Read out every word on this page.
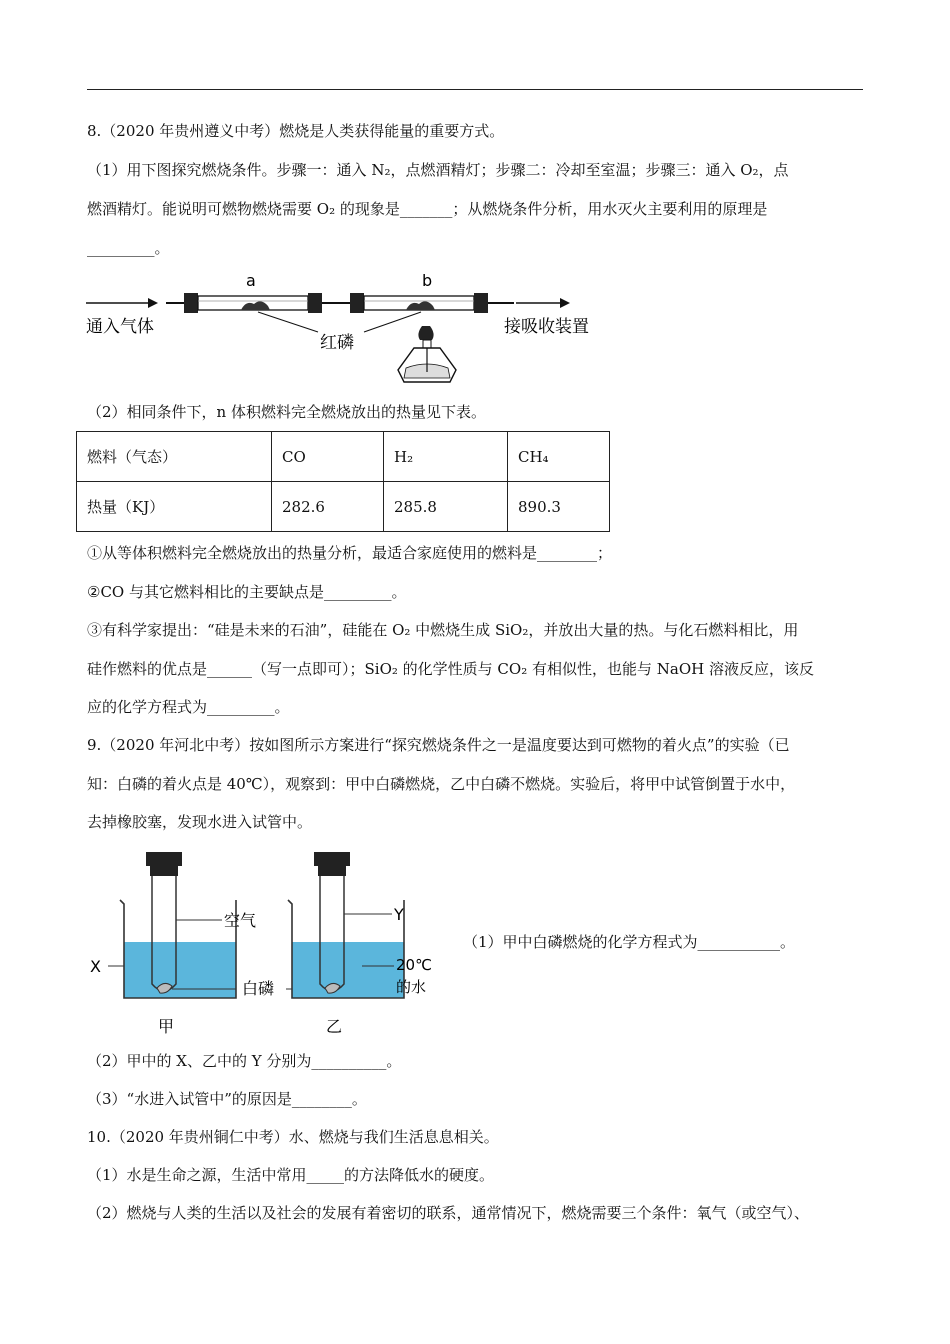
8.（2020 年贵州遵义中考）燃烧是人类获得能量的重要方式。
（1）用下图探究燃烧条件。步骤一：通入 N₂，点燃酒精灯；步骤二：冷却至室温；步骤三：通入 O₂，点
燃酒精灯。能说明可燃物燃烧需要 O₂ 的现象是_______；从燃烧条件分析，用水灭火主要利用的原理是
_________。
通入气体
a	b
接吸收装置
红磷
（2）相同条件下，n 体积燃料完全燃烧放出的热量见下表。
燃料（气态）	CO	H₂	CH₄
热量（KJ）	282.6	285.8	890.3
①从等体积燃料完全燃烧放出的热量分析，最适合家庭使用的燃料是________；
②CO 与其它燃料相比的主要缺点是_________。
③有科学家提出：“硅是未来的石油”，硅能在 O₂ 中燃烧生成 SiO₂，并放出大量的热。与化石燃料相比，用
硅作燃料的优点是______（写一点即可）；SiO₂ 的化学性质与 CO₂ 有相似性，也能与 NaOH 溶液反应，该反
应的化学方程式为_________。
9.（2020 年河北中考）按如图所示方案进行“探究燃烧条件之一是温度要达到可燃物的着火点”的实验（已
知：白磷的着火点是 40℃），观察到：甲中白磷燃烧，乙中白磷不燃烧。实验后，将甲中试管倒置于水中，
去掉橡胶塞，发现水进入试管中。
空气
X
甲
白磷
Y
20℃
的水
乙
（1）甲中白磷燃烧的化学方程式为___________。
（2）甲中的 X、乙中的 Y 分别为__________。
（3）“水进入试管中”的原因是________。
10.（2020 年贵州铜仁中考）水、燃烧与我们生活息息相关。
（1）水是生命之源，生活中常用_____的方法降低水的硬度。
（2）燃烧与人类的生活以及社会的发展有着密切的联系，通常情况下，燃烧需要三个条件：氧气（或空气）、
